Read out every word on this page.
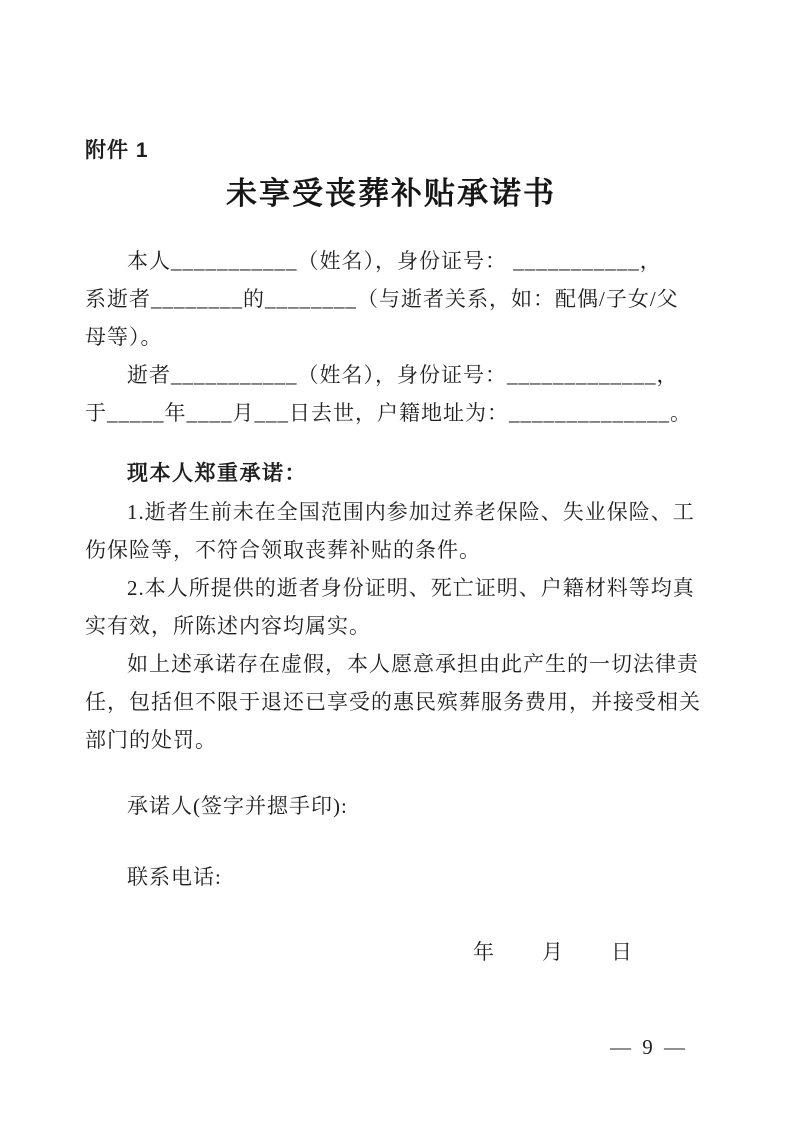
附件 1
未享受丧葬补贴承诺书
本人___________（姓名），身份证号： ___________，
系逝者________的________（与逝者关系，如：配偶/子女/父
母等）。
逝者___________（姓名），身份证号：_____________，
于_____年____月___日去世，户籍地址为：______________。
现本人郑重承诺：
1.逝者生前未在全国范围内参加过养老保险、失业保险、工
伤保险等，不符合领取丧葬补贴的条件。
2.本人所提供的逝者身份证明、死亡证明、户籍材料等均真
实有效，所陈述内容均属实。
如上述承诺存在虚假，本人愿意承担由此产生的一切法律责
任，包括但不限于退还已享受的惠民殡葬服务费用，并接受相关
部门的处罚。
承诺人(签字并摁手印):
联系电话:
年　　月　　日
— 9 —
